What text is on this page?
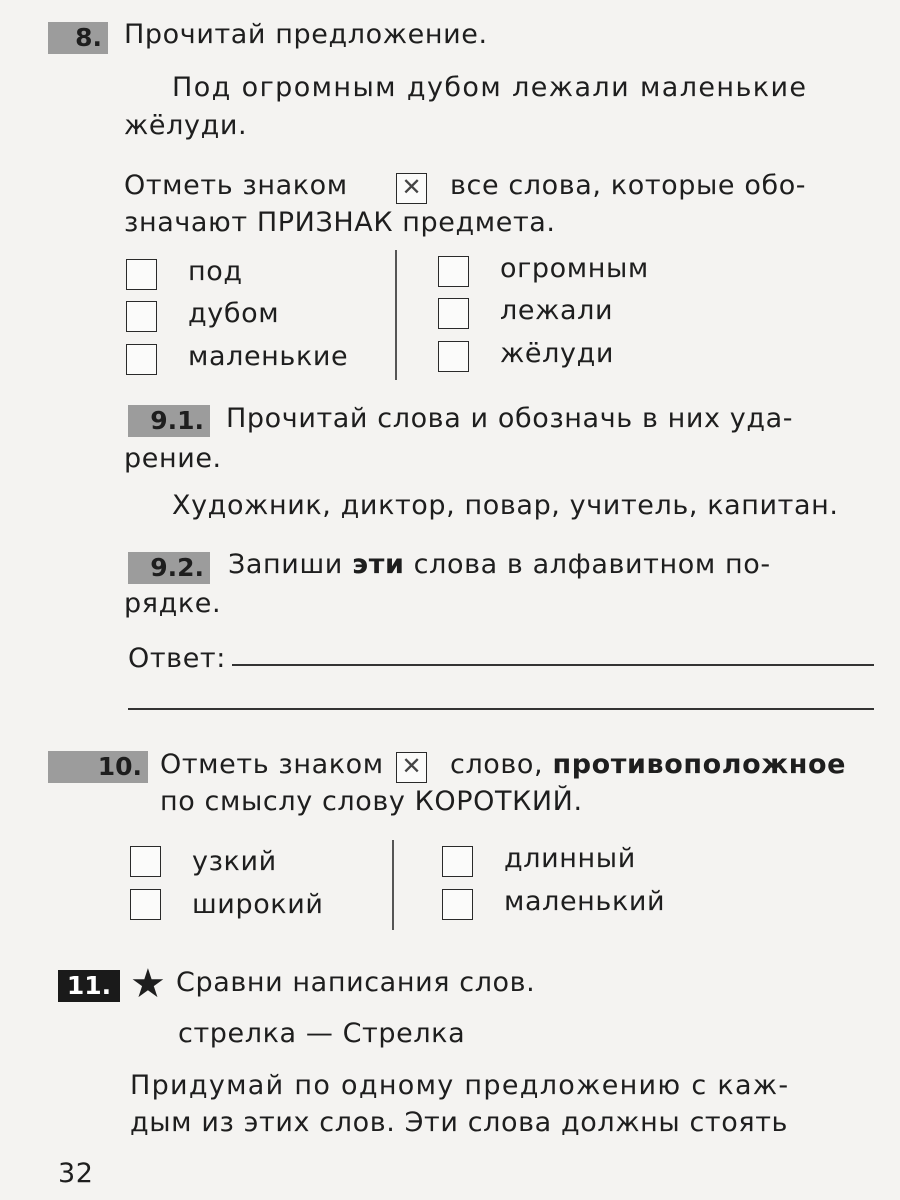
8. Прочитай предложение.
Под огромным дубом лежали маленькие
жёлуди.
Отметь знаком ✕ все слова, которые обо-
значают ПРИЗНАК предмета.
под
дубом
маленькие
огромным
лежали
жёлуди
9.1. Прочитай слова и обозначь в них уда-
рение.
Художник, диктор, повар, учитель, капитан.
9.2. Запиши эти слова в алфавитном по-
рядке.
Ответ:
10. Отметь знаком ✕ слово, противоположное
по смыслу слову КОРОТКИЙ.
узкий
широкий
длинный
маленький
11. ★ Сравни написания слов.
стрелка — Стрелка
Придумай по одному предложению с каж-
дым из этих слов. Эти слова должны стоять
32
